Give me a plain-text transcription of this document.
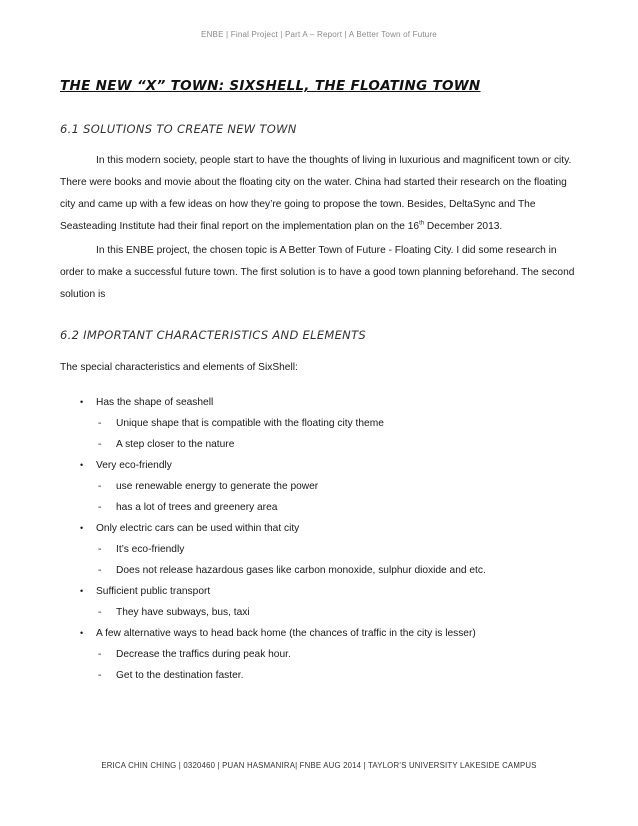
ENBE | Final Project | Part A – Report | A Better Town of Future
THE NEW “X” TOWN: SIXSHELL, THE FLOATING TOWN
6.1 SOLUTIONS TO CREATE NEW TOWN
In this modern society, people start to have the thoughts of living in luxurious and magnificent town or city. There were books and movie about the floating city on the water. China had started their research on the floating city and came up with a few ideas on how they’re going to propose the town. Besides, DeltaSync and The Seasteading Institute had their final report on the implementation plan on the 16th December 2013.
In this ENBE project, the chosen topic is A Better Town of Future - Floating City. I did some research in order to make a successful future town. The first solution is to have a good town planning beforehand. The second solution is
6.2 IMPORTANT CHARACTERISTICS AND ELEMENTS
The special characteristics and elements of SixShell:
• Has the shape of seashell
- Unique shape that is compatible with the floating city theme
- A step closer to the nature
• Very eco-friendly
- use renewable energy to generate the power
- has a lot of trees and greenery area
• Only electric cars can be used within that city
- It’s eco-friendly
- Does not release hazardous gases like carbon monoxide, sulphur dioxide and etc.
• Sufficient public transport
- They have subways, bus, taxi
• A few alternative ways to head back home (the chances of traffic in the city is lesser)
- Decrease the traffics during peak hour.
- Get to the destination faster.
ERICA CHIN CHING | 0320460 | PUAN HASMANIRA| FNBE AUG 2014 | TAYLOR’S UNIVERSITY LAKESIDE CAMPUS
